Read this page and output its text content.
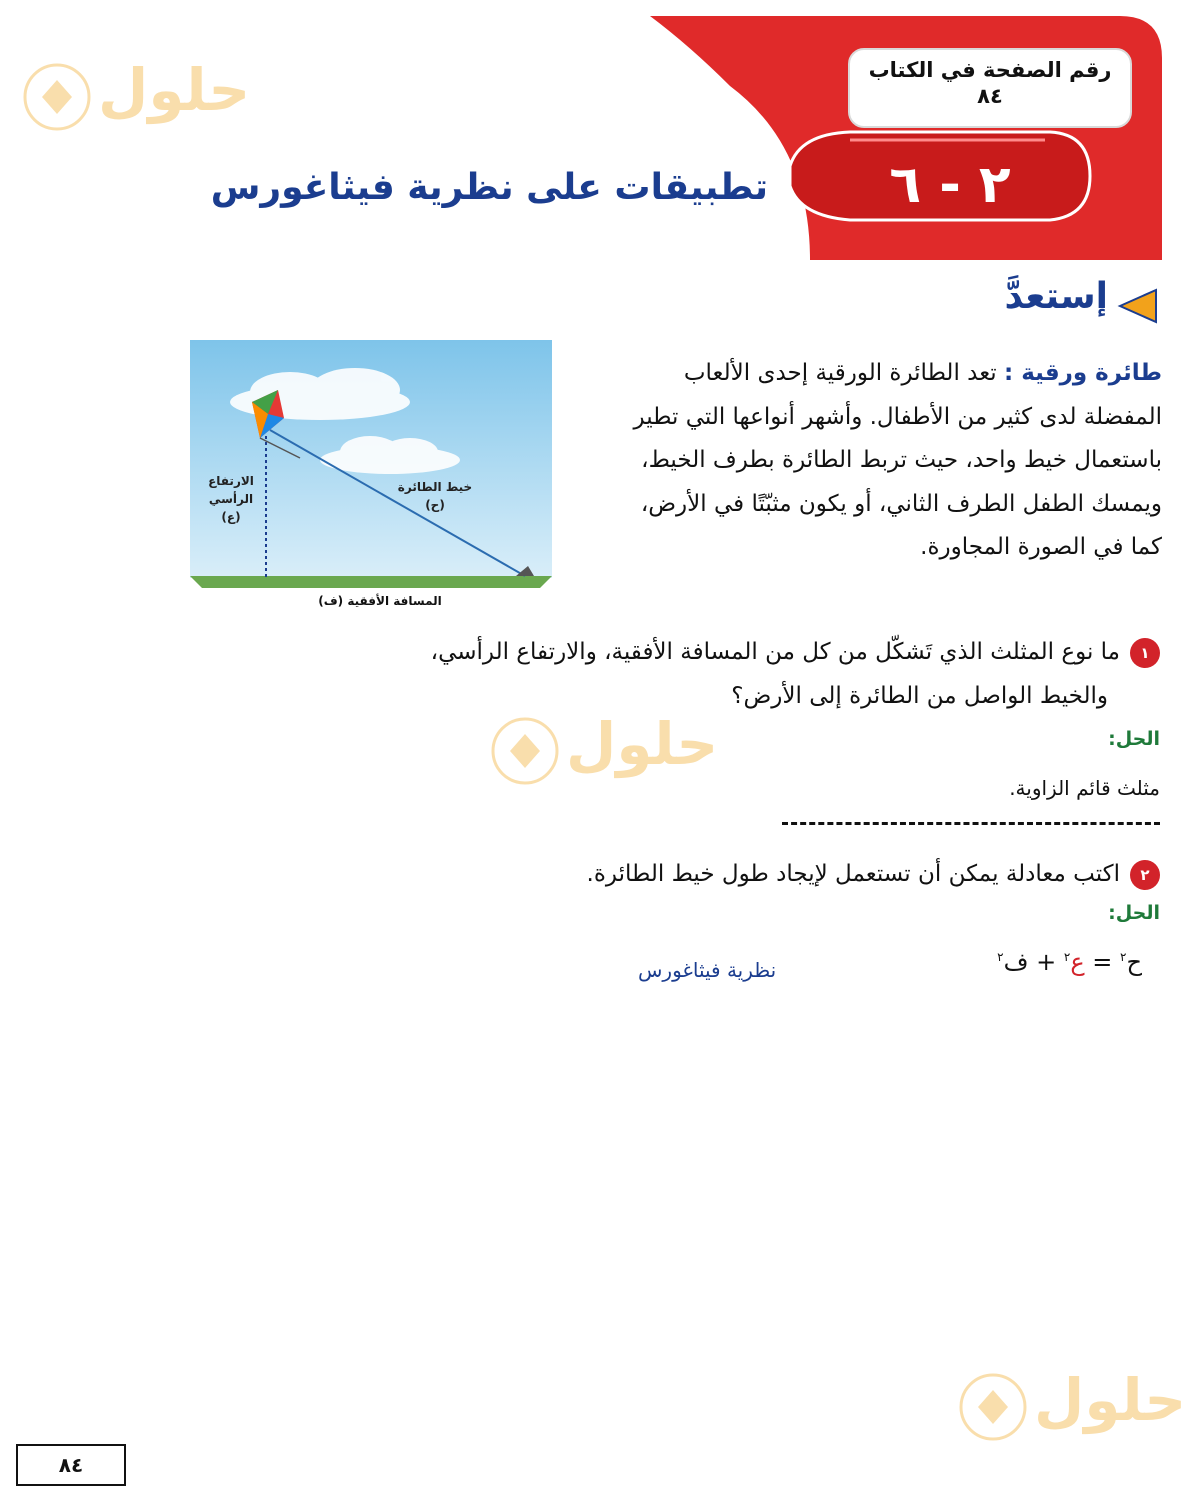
رقم الصفحة في الكتاب
٨٤
٢ - ٦
تطبيقات على نظرية فيثاغورس
إستعدَّ
طائرة ورقية : تعد الطائرة الورقية إحدى الألعاب المفضلة لدى كثير من الأطفال. وأشهر أنواعها التي تطير باستعمال خيط واحد، حيث تربط الطائرة بطرف الخيط، ويمسك الطفل الطرف الثاني، أو يكون مثبّتًا في الأرض، كما في الصورة المجاورة.
الارتفاع
الرأسي
(ع)
خيط الطائرة
(ح)
المسافة الأفقية (ف)
١ما نوع المثلث الذي تَشكّل من كل من المسافة الأفقية، والارتفاع الرأسي،
والخيط الواصل من الطائرة إلى الأرض؟
الحل:
مثلث قائم الزاوية.
٢اكتب معادلة يمكن أن تستعمل لإيجاد طول خيط الطائرة.
الحل:
ح$^٢$ = ع$^٢$ + ف$^٢$
نظرية فيثاغورس
حلول
حلول
حلول
٨٤
